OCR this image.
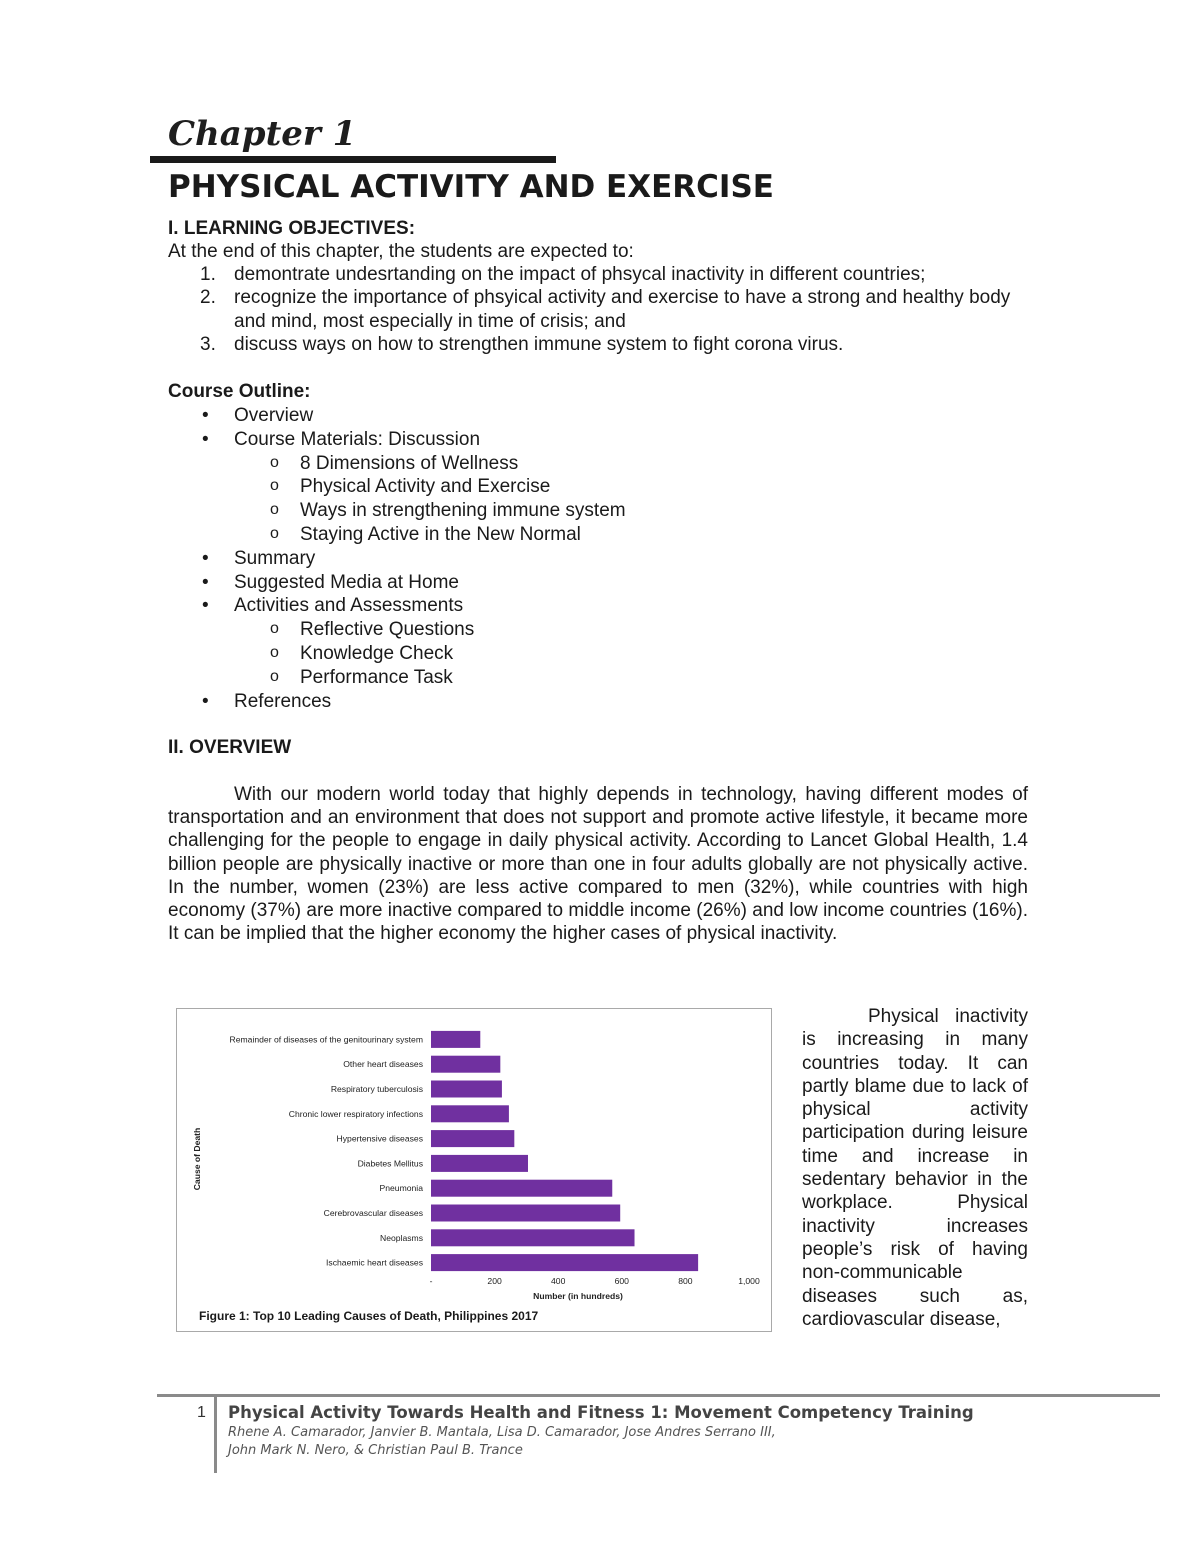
Chapter 1
PHYSICAL ACTIVITY AND EXERCISE
I. LEARNING OBJECTIVES:

At the end of this chapter, the students are expected to:

1. demontrate undesrtanding on the impact of phsycal inactivity in different countries;
2. recognize the importance of phsyical activity and exercise to have a strong and healthy body and mind, most especially in time of crisis; and
3. discuss ways on how to strengthen immune system to fight corona virus.
Course Outline:
• Overview
• Course Materials: Discussion
o 8 Dimensions of Wellness
o Physical Activity and Exercise
o Ways in strengthening immune system
o Staying Active in the New Normal
• Summary
• Suggested Media at Home
• Activities and Assessments
o Reflective Questions
o Knowledge Check
o Performance Task
• References
II. OVERVIEW

With our modern world today that highly depends in technology, having different modes of transportation and an environment that does not support and promote active lifestyle, it became more challenging for the people to engage in daily physical activity. According to Lancet Global Health, 1.4 billion people are physically inactive or more than one in four adults globally are not physically active. In the number, women (23%) are less active compared to men (32%), while countries with high economy (37%) are more inactive compared to middle income (26%) and low income countries (16%). It can be implied that the higher economy the higher cases of physical inactivity.

Remainder of diseases of the genitourinary system
Other heart diseases
Respiratory tuberculosis
Chronic lower respiratory infections
Hypertensive diseases
Diabetes Mellitus
Pneumonia
Cerebrovascular diseases
Neoplasms
Ischaemic heart diseases
-	200	400	600	800	1,000
Number (in hundreds)
Cause of Death

Figure 1: Top 10 Leading Causes of Death, Philippines 2017

Physical inactivity is increasing in many countries today. It can partly blame due to lack of physical activity participation during leisure time and increase in sedentary behavior in the workplace. Physical inactivity increases people’s risk of having non-communicable diseases such as, cardiovascular disease,

1 Physical Activity Towards Health and Fitness 1: Movement Competency Training

Rhene A. Camarador, Janvier B. Mantala, Lisa D. Camarador, Jose Andres Serrano III,
John Mark N. Nero, & Christian Paul B. Trance
